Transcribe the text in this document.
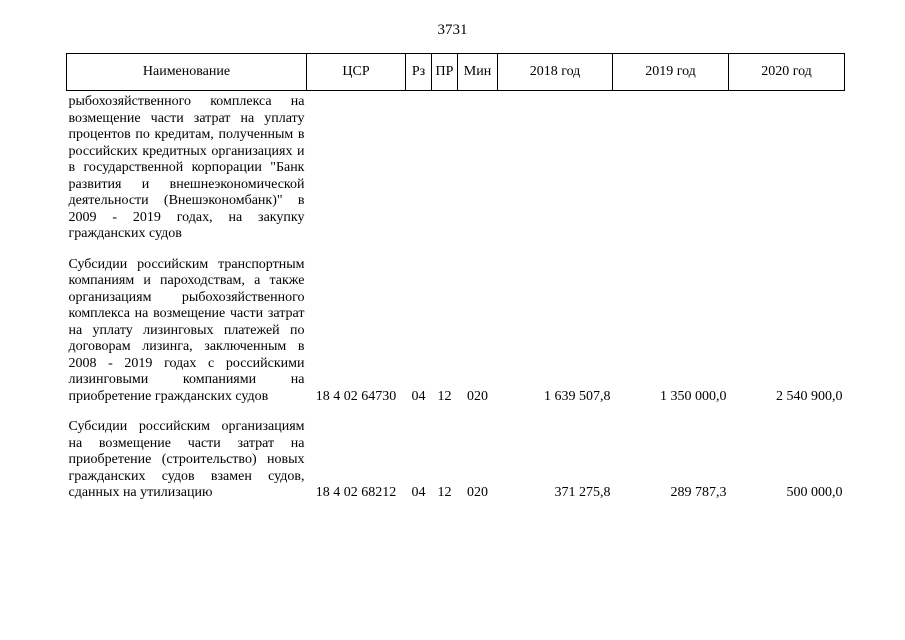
3731
Наименование	ЦСР	Рз	ПР	Мин	2018 год	2019 год	2020 год
рыбохозяйственного комплекса на возмещение части затрат на уплату процентов по кредитам, полученным в российских кредитных организациях и в государственной корпорации "Банк развития и внешнеэкономической деятельности (Внешэкономбанк)" в 2009 - 2019 годах, на закупку гражданских судов							

Субсидии российским транспортным компаниям и пароходствам, а также организациям рыбохозяйственного комплекса на возмещение части затрат на уплату лизинговых платежей по договорам лизинга, заключенным в 2008 - 2019 годах с российскими лизинговыми компаниями на приобретение гражданских судов	18 4 02 64730	04	12	020	1 639 507,8	1 350 000,0	2 540 900,0

Субсидии российским организациям на возмещение части затрат на приобретение (строительство) новых гражданских судов взамен судов, сданных на утилизацию	18 4 02 68212	04	12	020	371 275,8	289 787,3	500 000,0
